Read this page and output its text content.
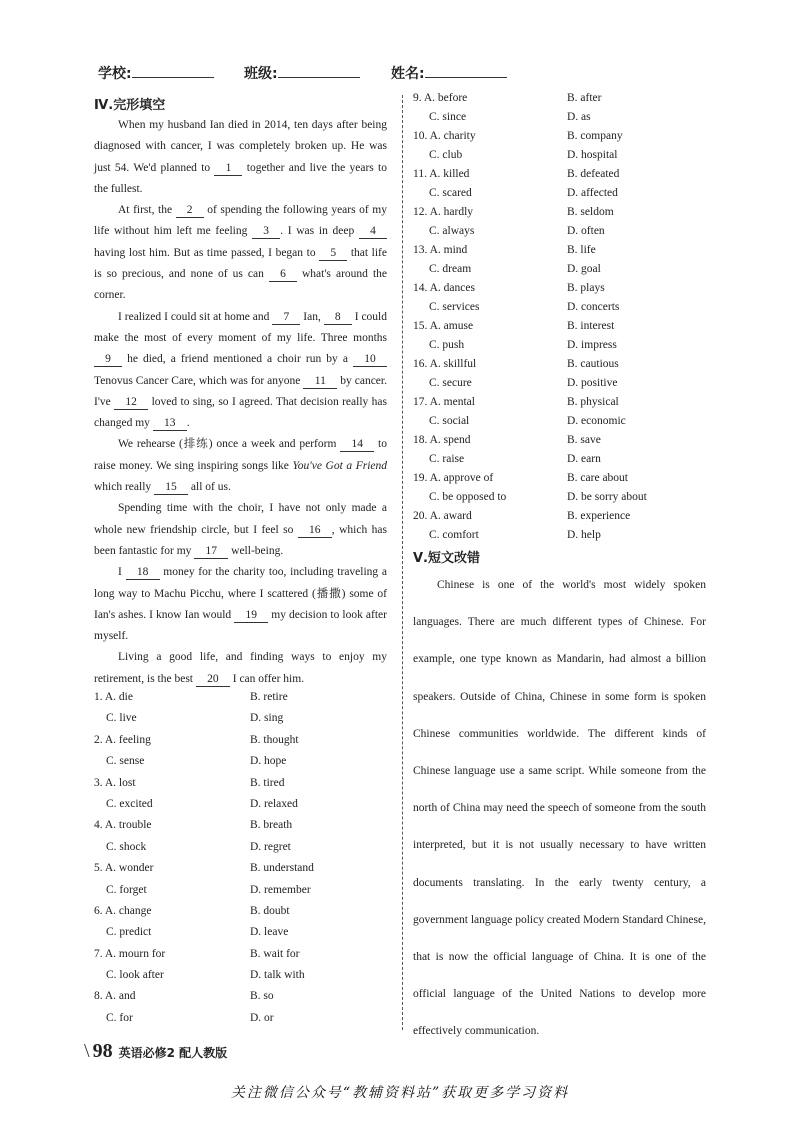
学校:	班级:	姓名:
Ⅳ.完形填空

When my husband Ian died in 2014, ten days after being diagnosed with cancer, I was completely broken up. He was just 54. We'd planned to 1 together and live the years to the fullest.

At first, the 2 of spending the following years of my life without him left me feeling 3 . I was in deep 4 having lost him. But as time passed, I began to 5 that life is so precious, and none of us can 6 what's around the corner.

I realized I could sit at home and 7 Ian, 8 I could make the most of every moment of my life. Three months 9 he died, a friend mentioned a choir run by a 10 Tenovus Cancer Care, which was for anyone 11 by cancer. I've 12 loved to sing, so I agreed. That decision really has changed my 13 .

We rehearse (排练) once a week and perform 14 to raise money. We sing inspiring songs like You've Got a Friend which really 15 all of us.

Spending time with the choir, I have not only made a whole new friendship circle, but I feel so 16 , which has been fantastic for my 17 well-being.

I 18 money for the charity too, including traveling a long way to Machu Picchu, where I scattered (播撒) some of Ian's ashes. I know Ian would 19 my decision to look after myself.

Living a good life, and finding ways to enjoy my retirement, is the best 20 I can offer him.

1. A. die	B. retire
C. live	D. sing
2. A. feeling	B. thought
C. sense	D. hope
3. A. lost	B. tired
C. excited	D. relaxed
4. A. trouble	B. breath
C. shock	D. regret
5. A. wonder	B. understand
C. forget	D. remember
6. A. change	B. doubt
C. predict	D. leave
7. A. mourn for	B. wait for
C. look after	D. talk with
8. A. and	B. so
C. for	D. or
9. A. before	B. after
C. since	D. as
10. A. charity	B. company
C. club	D. hospital
11. A. killed	B. defeated
C. scared	D. affected
12. A. hardly	B. seldom
C. always	D. often
13. A. mind	B. life
C. dream	D. goal
14. A. dances	B. plays
C. services	D. concerts
15. A. amuse	B. interest
C. push	D. impress
16. A. skillful	B. cautious
C. secure	D. positive
17. A. mental	B. physical
C. social	D. economic
18. A. spend	B. save
C. raise	D. earn
19. A. approve of	B. care about
C. be opposed to	D. be sorry about
20. A. award	B. experience
C. comfort	D. help
Ⅴ.短文改错

Chinese is one of the world's most widely spoken languages. There are much different types of Chinese. For example, one type known as Mandarin, had almost a billion speakers. Outside of China, Chinese in some form is spoken Chinese communities worldwide. The different kinds of Chinese language use a same script. While someone from the north of China may need the speech of someone from the south interpreted, but it is not usually necessary to have written documents translating. In the early twenty century, a government language policy created Modern Standard Chinese, that is now the official language of China. It is one of the official language of the United Nations to develop more effectively communication.

\ 98 英语必修2 配人教版
关注微信公众号“教辅资料站”获取更多学习资料
